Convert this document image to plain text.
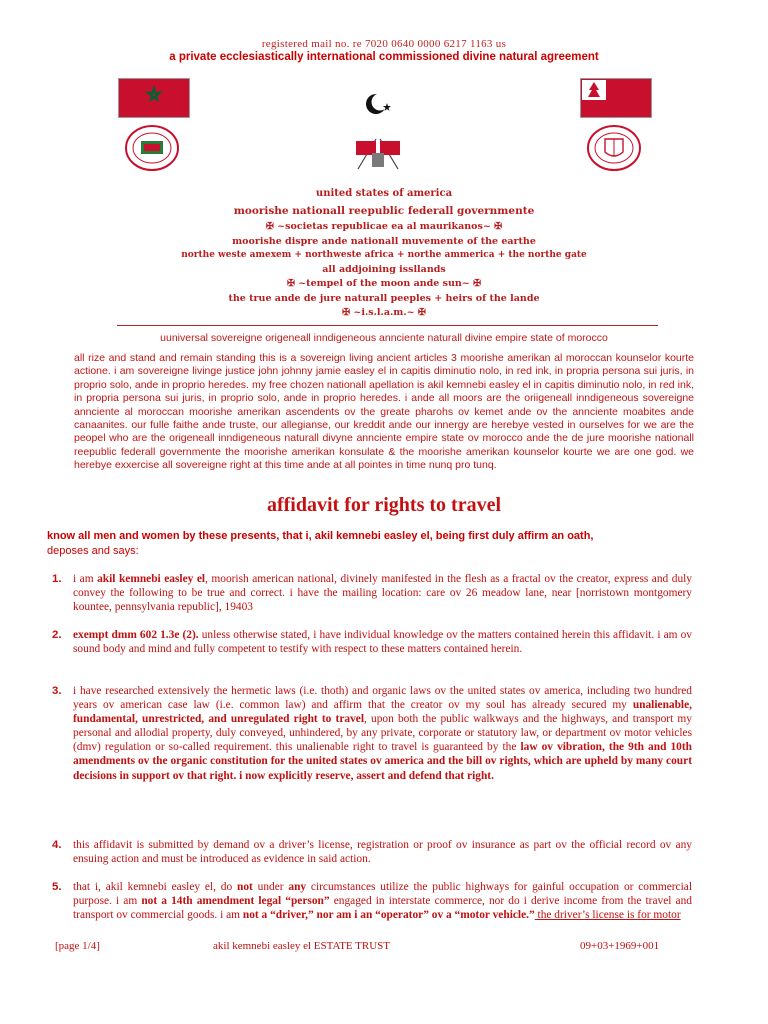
registered mail no. re 7020 0640 0000 6217 1163 us
a private ecclesiastically international commissioned divine natural agreement
united states of america
moorishe nationall reepublic federall governmente
✠ ~societas republicae ea al maurikanos~ ✠
moorishe dispre ande nationall muvemente of the earthe
northe weste amexem + northweste africa + northe ammerica + the northe gate
all addjoining issllands
✠ ~tempel of the moon ande sun~ ✠
the true ande de jure naturall peeples + heirs of the lande
✠ ~i.s.l.a.m.~ ✠
uuniversal sovereigne origeneall inndigeneous annciente naturall divine empire state of morocco
all rize and stand and remain standing this is a sovereign living ancient articles 3 moorishe amerikan al moroccan kounselor kourte actione. i am sovereigne livinge justice john johnny jamie easley el in capitis diminutio nolo, in red ink, in propria persona sui juris, in proprio solo, ande in proprio heredes. my free chozen nationall apellation is akil kemnebi easley el in capitis diminutio nolo, in red ink, in propria persona sui juris, in proprio solo, ande in proprio heredes. i ande all moors are the oriigeneall inndigeneous sovereigne annciente al moroccan moorishe amerikan ascendents ov the greate pharohs ov kemet ande ov the annciente moabites ande canaanites. our fulle faithe ande truste, our allegianse, our kreddit ande our innergy are herebye vested in ourselves for we are the peopel who are the origeneall inndigeneous naturall divyne annciente empire state ov morocco ande the de jure moorishe nationall reepublic federall governmente the moorishe amerikan konsulate & the moorishe amerikan kounselor kourte we are one god. we herebye exxercise all sovereigne right at this time ande at all pointes in time nunq pro tunq.
affidavit for rights to travel
know all men and women by these presents, that i, akil kemnebi easley el, being first duly affirm an oath,
deposes and says:
1. i am akil kemnebi easley el, moorish american national, divinely manifested in the flesh as a fractal ov the creator, express and duly convey the following to be true and correct. i have the mailing location: care ov 26 meadow lane, near [norristown montgomery kountee, pennsylvania republic], 19403
2. exempt dmm 602 1.3e (2). unless otherwise stated, i have individual knowledge ov the matters contained herein this affidavit. i am ov sound body and mind and fully competent to testify with respect to these matters contained herein.
3. i have researched extensively the hermetic laws (i.e. thoth) and organic laws ov the united states ov america, including two hundred years ov american case law (i.e. common law) and affirm that the creator ov my soul has already secured my unalienable, fundamental, unrestricted, and unregulated right to travel, upon both the public walkways and the highways, and transport my personal and allodial property, duly conveyed, unhindered, by any private, corporate or statutory law, or department ov motor vehicles (dmv) regulation or so-called requirement. this unalienable right to travel is guaranteed by the law ov vibration, the 9th and 10th amendments ov the organic constitution for the united states ov america and the bill ov rights, which are upheld by many court decisions in support ov that right. i now explicitly reserve, assert and defend that right.
4. this affidavit is submitted by demand ov a driver’s license, registration or proof ov insurance as part ov the official record ov any ensuing action and must be introduced as evidence in said action.
5. that i, akil kemnebi easley el, do not under any circumstances utilize the public highways for gainful occupation or commercial purpose. i am not a 14th amendment legal “person” engaged in interstate commerce, nor do i derive income from the travel and transport ov commercial goods. i am not a “driver,” nor am i an “operator” ov a “motor vehicle.” the driver’s license is for motor
[page 1/4]	akil kemnebi easley el ESTATE TRUST	09+03+1969+001
